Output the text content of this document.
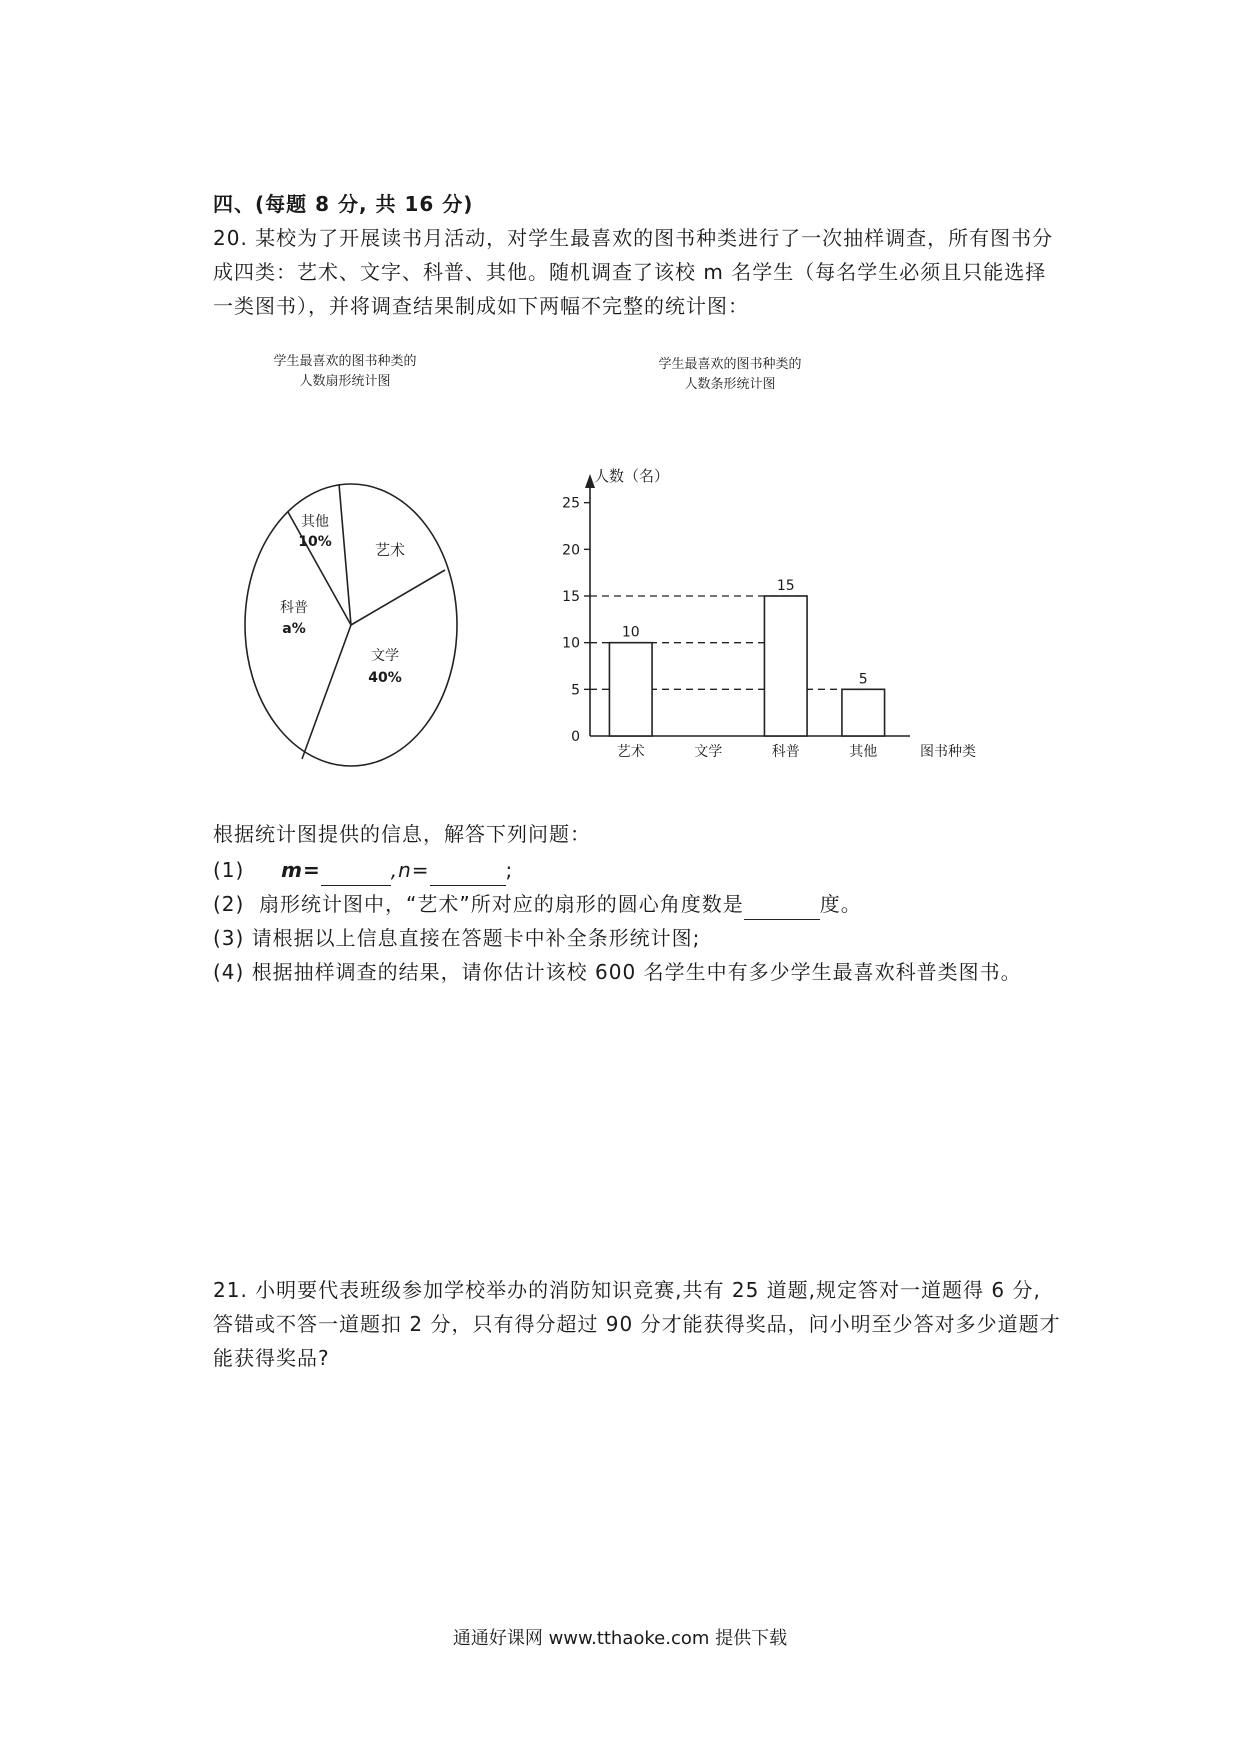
四、(每题 8 分, 共 16 分)
20. 某校为了开展读书月活动，对学生最喜欢的图书种类进行了一次抽样调查，所有图书分
成四类：艺术、文字、科普、其他。随机调查了该校 m 名学生（每名学生必须且只能选择
一类图书），并将调查结果制成如下两幅不完整的统计图：
学生最喜欢的图书种类的
人数扇形统计图
学生最喜欢的图书种类的
人数条形统计图
其他
10%	艺术
科普
a%
文学
40%
0
5
10
15
20
25
10
15
5
艺术	文学	科普	其他
人数（名）
图书种类
根据统计图提供的信息，解答下列问题：
(1) m=	,n=	;
(2) 扇形统计图中，“艺术”所对应的扇形的圆心角度数是	度。
(3) 请根据以上信息直接在答题卡中补全条形统计图;
(4) 根据抽样调查的结果，请你估计该校 600 名学生中有多少学生最喜欢科普类图书。
21. 小明要代表班级参加学校举办的消防知识竞赛,共有 25 道题,规定答对一道题得 6 分,
答错或不答一道题扣 2 分，只有得分超过 90 分才能获得奖品，问小明至少答对多少道题才
能获得奖品?
通通好课网 www.tthaoke.com 提供下载
